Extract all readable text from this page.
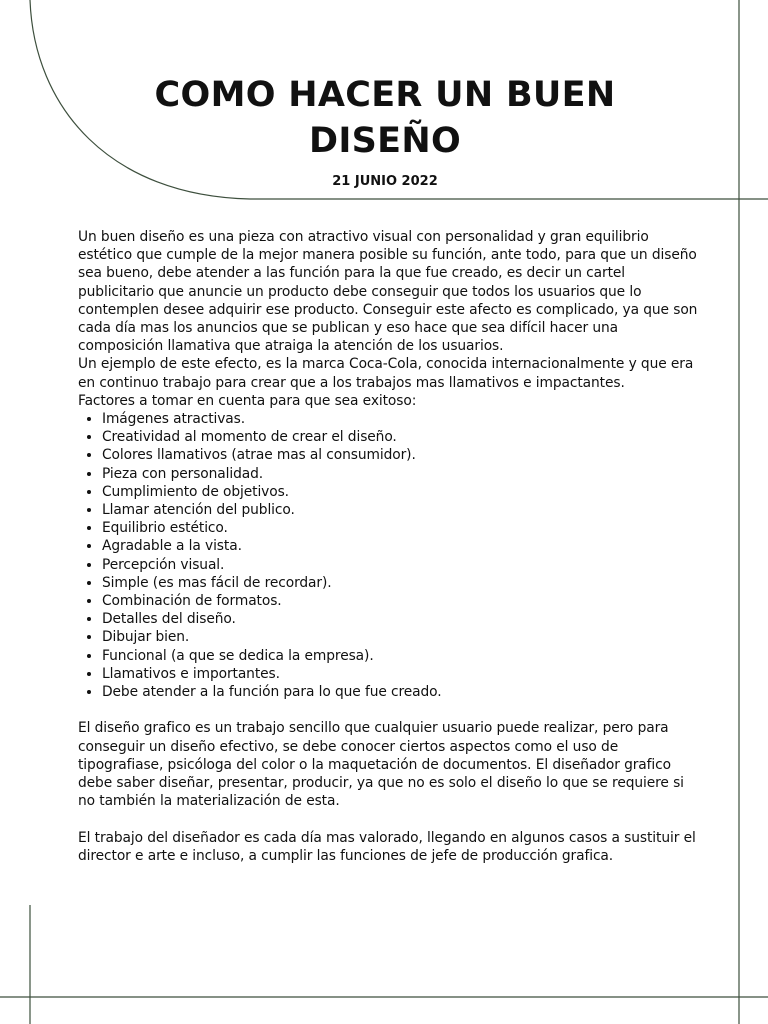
COMO HACER UN BUEN
DISEÑO
21 JUNIO 2022

Un buen diseño es una pieza con atractivo visual con personalidad y gran equilibrio estético que cumple de la mejor manera posible su función, ante todo, para que un diseño sea bueno, debe atender a las función para la que fue creado, es decir un cartel publicitario que anuncie un producto debe conseguir que todos los usuarios que lo contemplen desee adquirir ese producto. Conseguir este afecto es complicado, ya que son cada día mas los anuncios que se publican y eso hace que sea difícil hacer una composición llamativa que atraiga la atención de los usuarios.

Un ejemplo de este efecto, es la marca Coca-Cola, conocida internacionalmente y que era en continuo trabajo para crear que a los trabajos mas llamativos e impactantes.

Factores a tomar en cuenta para que sea exitoso:

• Imágenes atractivas.
• Creatividad al momento de crear el diseño.
• Colores llamativos (atrae mas al consumidor).
• Pieza con personalidad.
• Cumplimiento de objetivos.
• Llamar atención del publico.
• Equilibrio estético.
• Agradable a la vista.
• Percepción visual.
• Simple (es mas fácil de recordar).
• Combinación de formatos.
• Detalles del diseño.
• Dibujar bien.
• Funcional (a que se dedica la empresa).
• Llamativos e importantes.
• Debe atender a la función para lo que fue creado.

El diseño grafico es un trabajo sencillo que cualquier usuario puede realizar, pero para conseguir un diseño efectivo, se debe conocer ciertos aspectos como el uso de tipografiase, psicóloga del color o la maquetación de documentos. El diseñador grafico debe saber diseñar, presentar, producir, ya que no es solo el diseño lo que se requiere si no también la materialización de esta.

El trabajo del diseñador es cada día mas valorado, llegando en algunos casos a sustituir el director e arte e incluso, a cumplir las funciones de jefe de producción grafica.
